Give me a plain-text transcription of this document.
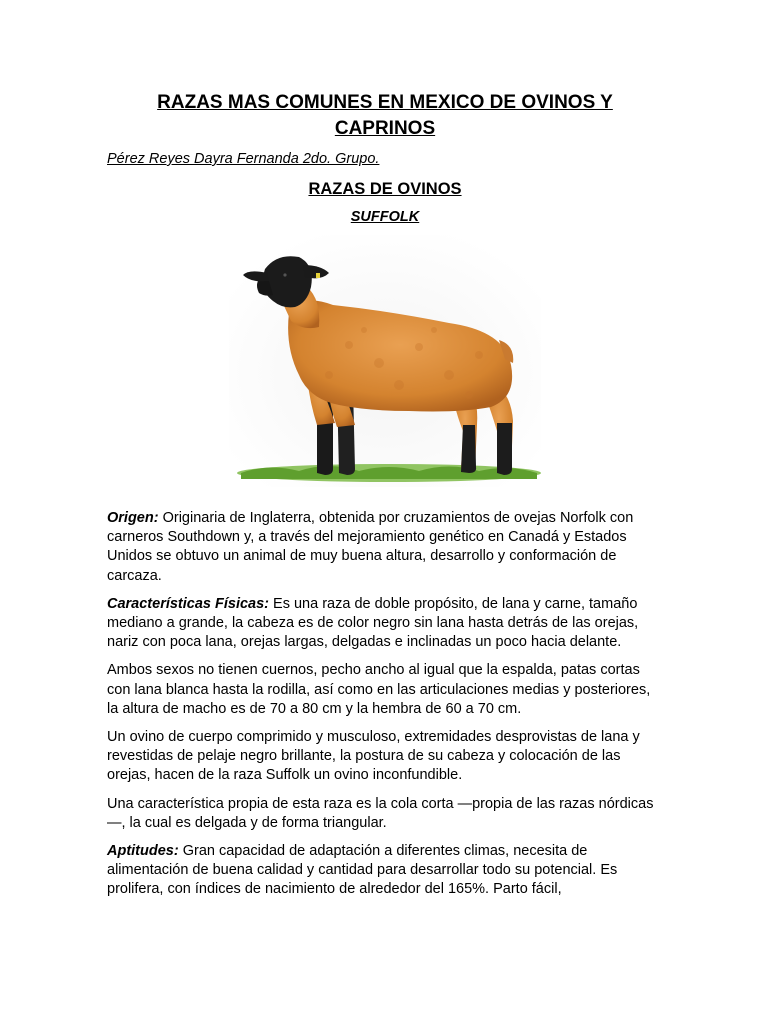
RAZAS MAS COMUNES EN MEXICO DE OVINOS Y CAPRINOS
Pérez Reyes Dayra Fernanda 2do. Grupo.
RAZAS DE OVINOS
SUFFOLK

Origen: Originaria de Inglaterra, obtenida por cruzamientos de ovejas Norfolk con carneros Southdown y, a través del mejoramiento genético en Canadá y Estados Unidos se obtuvo un animal de muy buena altura, desarrollo y conformación de carcaza.

Características Físicas: Es una raza de doble propósito, de lana y carne, tamaño mediano a grande, la cabeza es de color negro sin lana hasta detrás de las orejas, nariz con poca lana, orejas largas, delgadas e inclinadas un poco hacia delante.

Ambos sexos no tienen cuernos, pecho ancho al igual que la espalda, patas cortas con lana blanca hasta la rodilla, así como en las articulaciones medias y posteriores, la altura de macho es de 70 a 80 cm y la hembra de 60 a 70 cm.

Un ovino de cuerpo comprimido y musculoso, extremidades desprovistas de lana y revestidas de pelaje negro brillante, la postura de su cabeza y colocación de las orejas, hacen de la raza Suffolk un ovino inconfundible.

Una característica propia de esta raza es la cola corta —propia de las razas nórdicas—, la cual es delgada y de forma triangular.

Aptitudes: Gran capacidad de adaptación a diferentes climas, necesita de alimentación de buena calidad y cantidad para desarrollar todo su potencial. Es prolifera, con índices de nacimiento de alrededor del 165%. Parto fácil,
